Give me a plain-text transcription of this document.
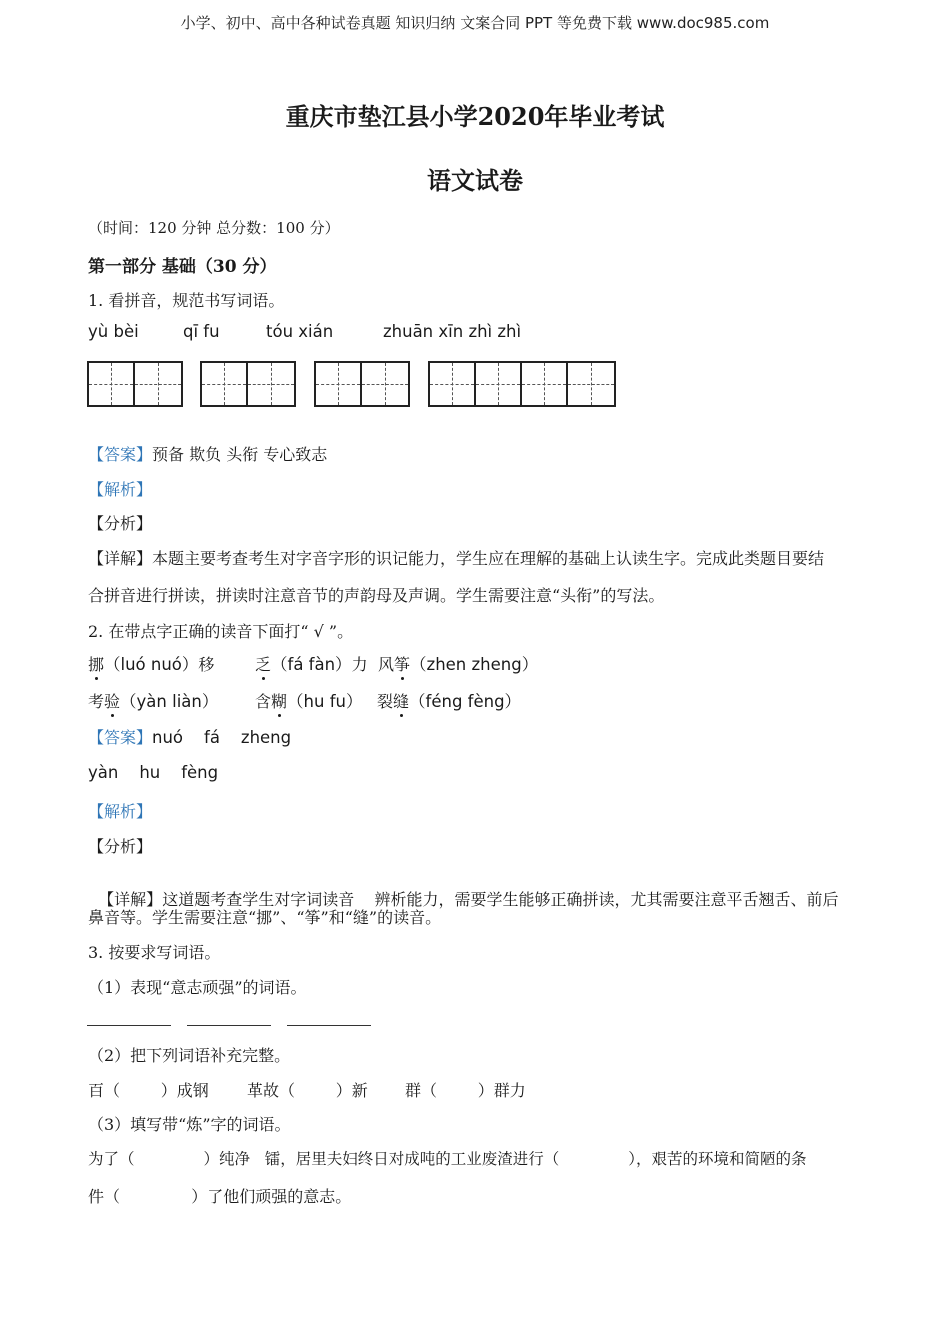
小学、初中、高中各种试卷真题 知识归纳 文案合同 PPT 等免费下载 www.doc985.com
重庆市垫江县小学2020年毕业考试
语文试卷
（时间：120 分钟 总分数：100 分）
第一部分 基础（30 分）
1. 看拼音，规范书写词语。
yù bèi	qī fu	tóu xián	zhuān xīn zhì zhì
【答案】预备 欺负 头衔 专心致志
【解析】
【分析】
【详解】本题主要考查考生对字音字形的识记能力，学生应在理解的基础上认读生字。完成此类题目要结
合拼音进行拼读，拼读时注意音节的声韵母及声调。学生需要注意“头衔”的写法。
2. 在带点字正确的读音下面打“ √ ”。
挪（luó nuó）移	乏（fá fàn）力 风筝（zhen zheng）
考验（yàn liàn） 含糊（hu fu） 裂缝（féng fèng）
【答案】nuó    fá    zheng
yàn    hu    fèng
【解析】
【分析】

【详解】这道题考查学生对字词读音    辨析能力，需要学生能够正确拼读，尤其需要注意平舌翘舌、前后

鼻音等。学生需要注意“挪”、“筝”和“缝”的读音。
3. 按要求写词语。
（1）表现“意志顽强”的词语。
（2）把下列词语补充完整。
百（        ）成钢 革故（        ）新 群（        ）群力
（3）填写带“炼”字的词语。
为了（              ）纯净   镭，居里夫妇终日对成吨的工业废渣进行（              ），艰苦的环境和简陋的条
件（              ）了他们顽强的意志。
